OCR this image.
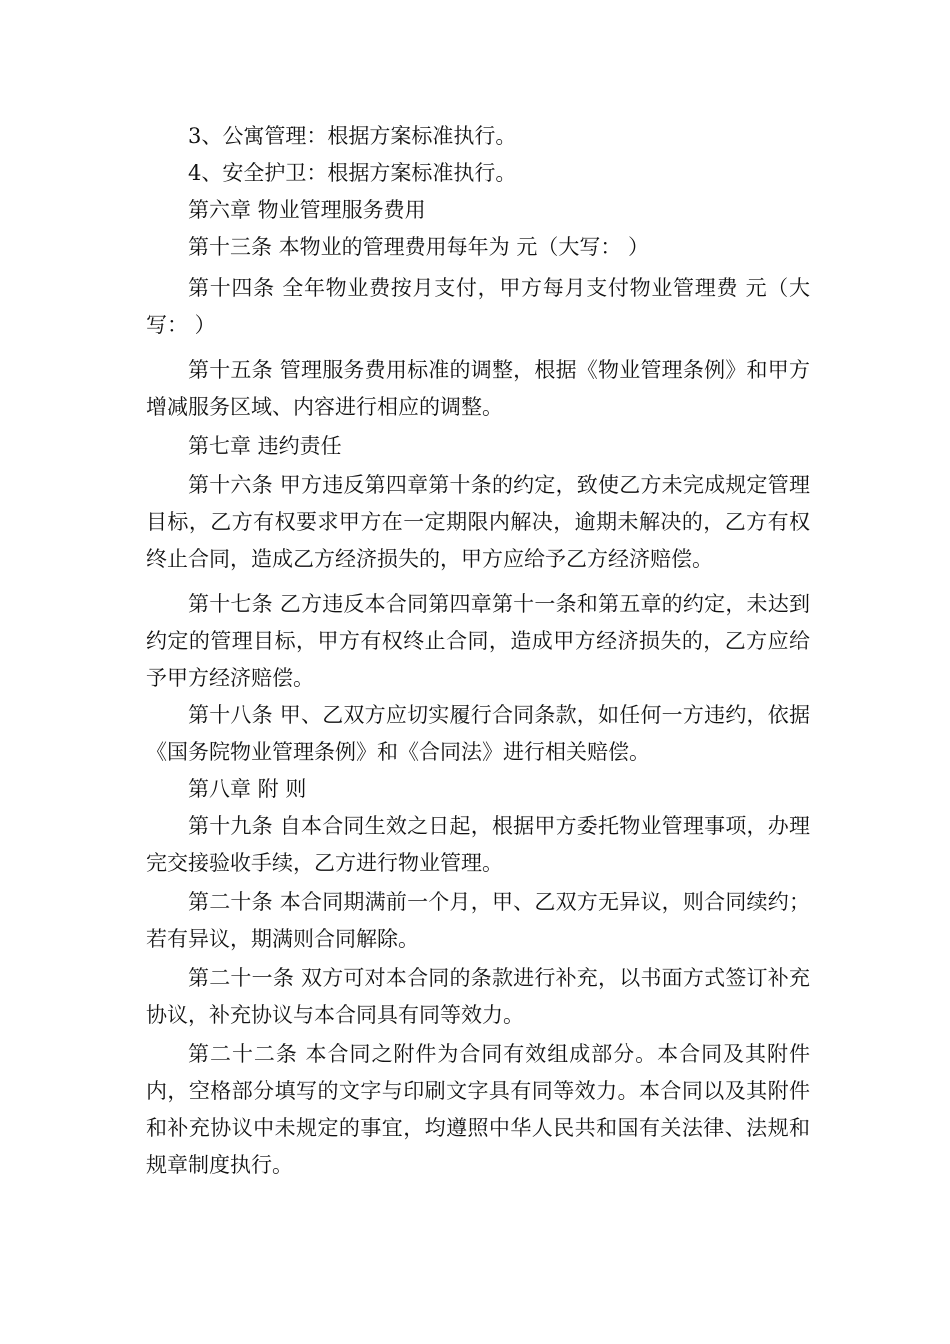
3、公寓管理：根据方案标准执行。

4、安全护卫：根据方案标准执行。

第六章 物业管理服务费用

第十三条 本物业的管理费用每年为 元（大写： ）

第十四条 全年物业费按月支付，甲方每月支付物业管理费 元（大写： ）

第十五条 管理服务费用标准的调整，根据《物业管理条例》和甲方增减服务区域、内容进行相应的调整。

第七章 违约责任

第十六条 甲方违反第四章第十条的约定，致使乙方未完成规定管理目标，乙方有权要求甲方在一定期限内解决，逾期未解决的，乙方有权终止合同，造成乙方经济损失的，甲方应给予乙方经济赔偿。

第十七条 乙方违反本合同第四章第十一条和第五章的约定，未达到约定的管理目标，甲方有权终止合同，造成甲方经济损失的，乙方应给予甲方经济赔偿。

第十八条 甲、乙双方应切实履行合同条款，如任何一方违约，依据《国务院物业管理条例》和《合同法》进行相关赔偿。

第八章 附 则

第十九条 自本合同生效之日起，根据甲方委托物业管理事项，办理完交接验收手续，乙方进行物业管理。

第二十条 本合同期满前一个月，甲、乙双方无异议，则合同续约；若有异议，期满则合同解除。

第二十一条 双方可对本合同的条款进行补充，以书面方式签订补充协议，补充协议与本合同具有同等效力。

第二十二条 本合同之附件为合同有效组成部分。本合同及其附件内，空格部分填写的文字与印刷文字具有同等效力。本合同以及其附件和补充协议中未规定的事宜，均遵照中华人民共和国有关法律、法规和规章制度执行。
